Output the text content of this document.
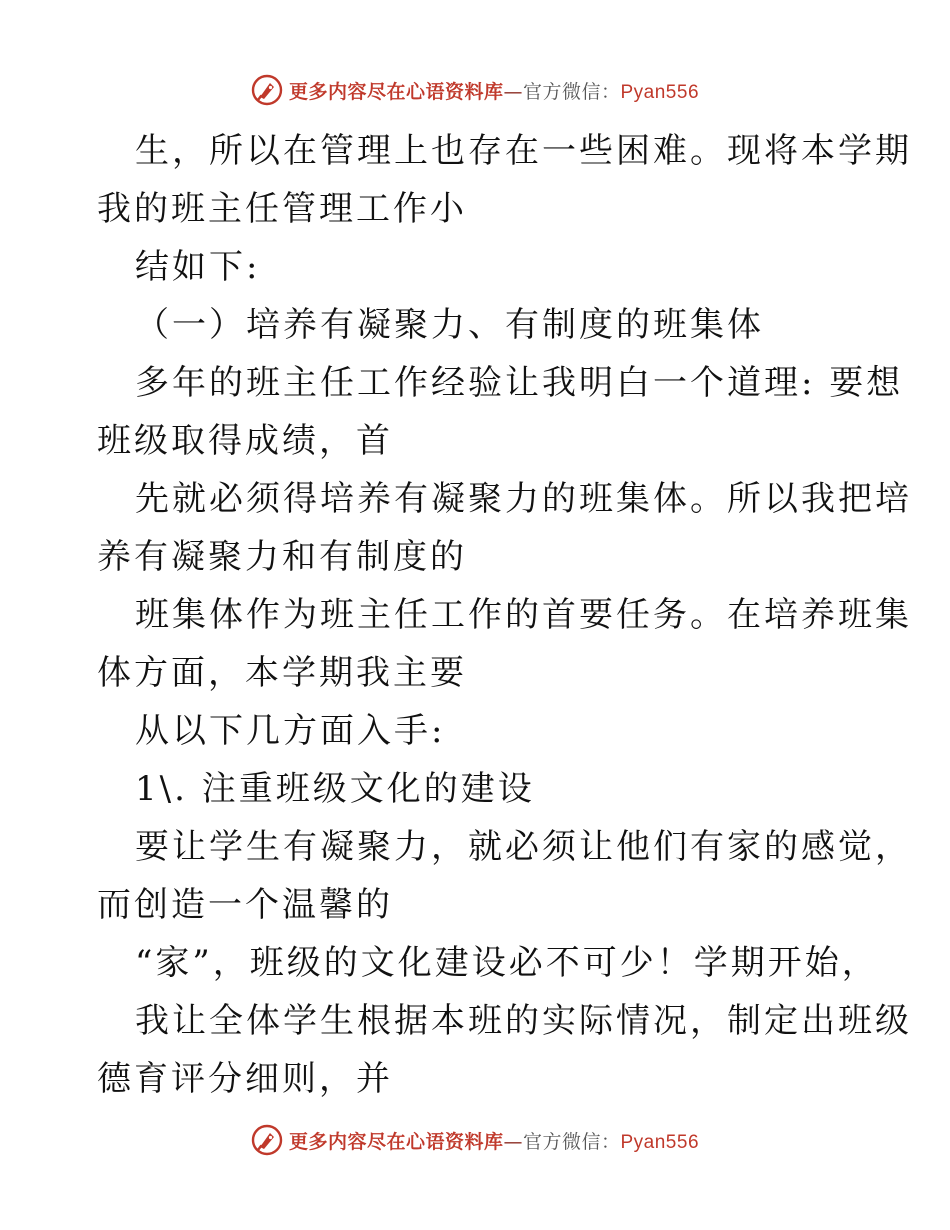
更多内容尽在心语资料库—官方微信：Pyan556

生，所以在管理上也存在一些困难。现将本学期
我的班主任管理工作小

结如下:

（一）培养有凝聚力、有制度的班集体

多年的班主任工作经验让我明白一个道理: 要想
班级取得成绩，首

先就必须得培养有凝聚力的班集体。所以我把培
养有凝聚力和有制度的

班集体作为班主任工作的首要任务。在培养班集
体方面，本学期我主要

从以下几方面入手:

1\. 注重班级文化的建设

要让学生有凝聚力，就必须让他们有家的感觉，
而创造一个温馨的

“家”，班级的文化建设必不可少！学期开始，

我让全体学生根据本班的实际情况，制定出班级
德育评分细则，并

更多内容尽在心语资料库—官方微信：Pyan556
